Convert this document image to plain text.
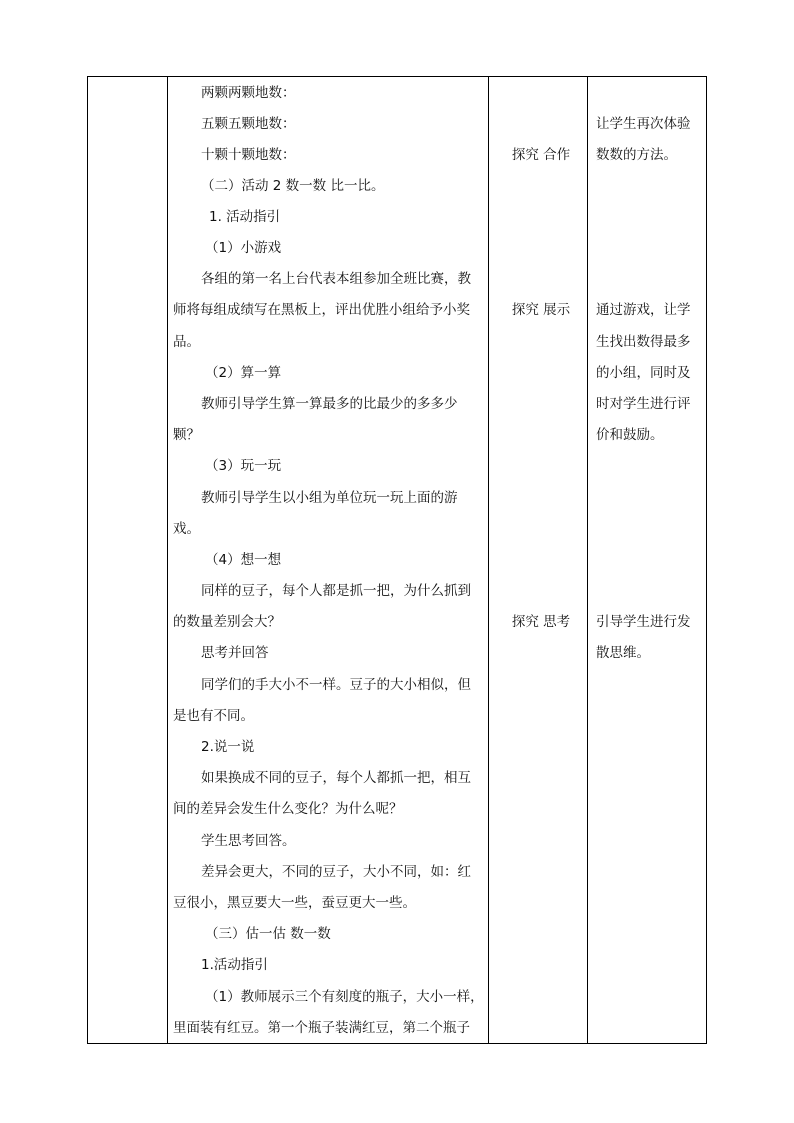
两颗两颗地数：
五颗五颗地数：
十颗十颗地数：
（二）活动 2 数一数 比一比。
1. 活动指引
（1）小游戏
各组的第一名上台代表本组参加全班比赛，教
师将每组成绩写在黑板上，评出优胜小组给予小奖
品。
（2）算一算
教师引导学生算一算最多的比最少的多多少
颗？
（3）玩一玩
教师引导学生以小组为单位玩一玩上面的游
戏。
（4）想一想
同样的豆子，每个人都是抓一把，为什么抓到
的数量差别会大？
思考并回答
同学们的手大小不一样。豆子的大小相似，但
是也有不同。
2.说一说
如果换成不同的豆子，每个人都抓一把，相互
间的差异会发生什么变化？为什么呢？
学生思考回答。
差异会更大，不同的豆子，大小不同，如：红
豆很小，黑豆要大一些，蚕豆更大一些。
（三）估一估 数一数
1.活动指引
（1）教师展示三个有刻度的瓶子，大小一样，
里面装有红豆。第一个瓶子装满红豆，第二个瓶子
探究 合作
探究 展示
探究 思考
让学生再次体验
数数的方法。
通过游戏，让学
生找出数得最多
的小组，同时及
时对学生进行评
价和鼓励。
引导学生进行发
散思维。
